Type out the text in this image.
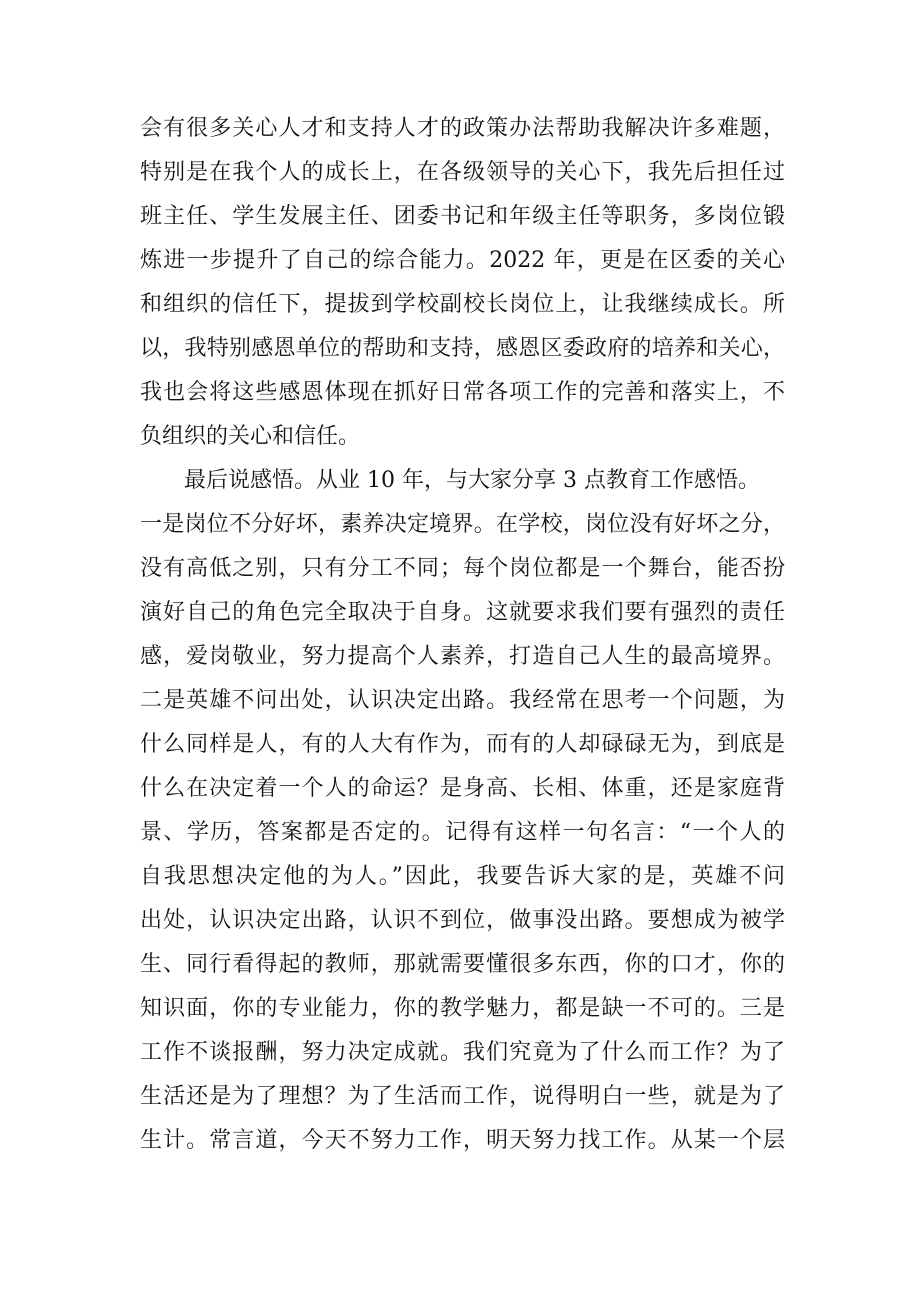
会有很多关心人才和支持人才的政策办法帮助我解决许多难题，
特别是在我个人的成长上，在各级领导的关心下，我先后担任过
班主任、学生发展主任、团委书记和年级主任等职务，多岗位锻
炼进一步提升了自己的综合能力。2022 年，更是在区委的关心
和组织的信任下，提拔到学校副校长岗位上，让我继续成长。所
以，我特别感恩单位的帮助和支持，感恩区委政府的培养和关心，
我也会将这些感恩体现在抓好日常各项工作的完善和落实上，不
负组织的关心和信任。
最后说感悟。从业 10 年，与大家分享 3 点教育工作感悟。
一是岗位不分好坏，素养决定境界。在学校，岗位没有好坏之分，
没有高低之别，只有分工不同；每个岗位都是一个舞台，能否扮
演好自己的角色完全取决于自身。这就要求我们要有强烈的责任
感，爱岗敬业，努力提高个人素养，打造自己人生的最高境界。
二是英雄不问出处，认识决定出路。我经常在思考一个问题，为
什么同样是人，有的人大有作为，而有的人却碌碌无为，到底是
什么在决定着一个人的命运？是身高、长相、体重，还是家庭背
景、学历，答案都是否定的。记得有这样一句名言：“一个人的
自我思想决定他的为人。”因此，我要告诉大家的是，英雄不问
出处，认识决定出路，认识不到位，做事没出路。要想成为被学
生、同行看得起的教师，那就需要懂很多东西，你的口才，你的
知识面，你的专业能力，你的教学魅力，都是缺一不可的。三是
工作不谈报酬，努力决定成就。我们究竟为了什么而工作？为了
生活还是为了理想？为了生活而工作，说得明白一些，就是为了
生计。常言道，今天不努力工作，明天努力找工作。从某一个层
